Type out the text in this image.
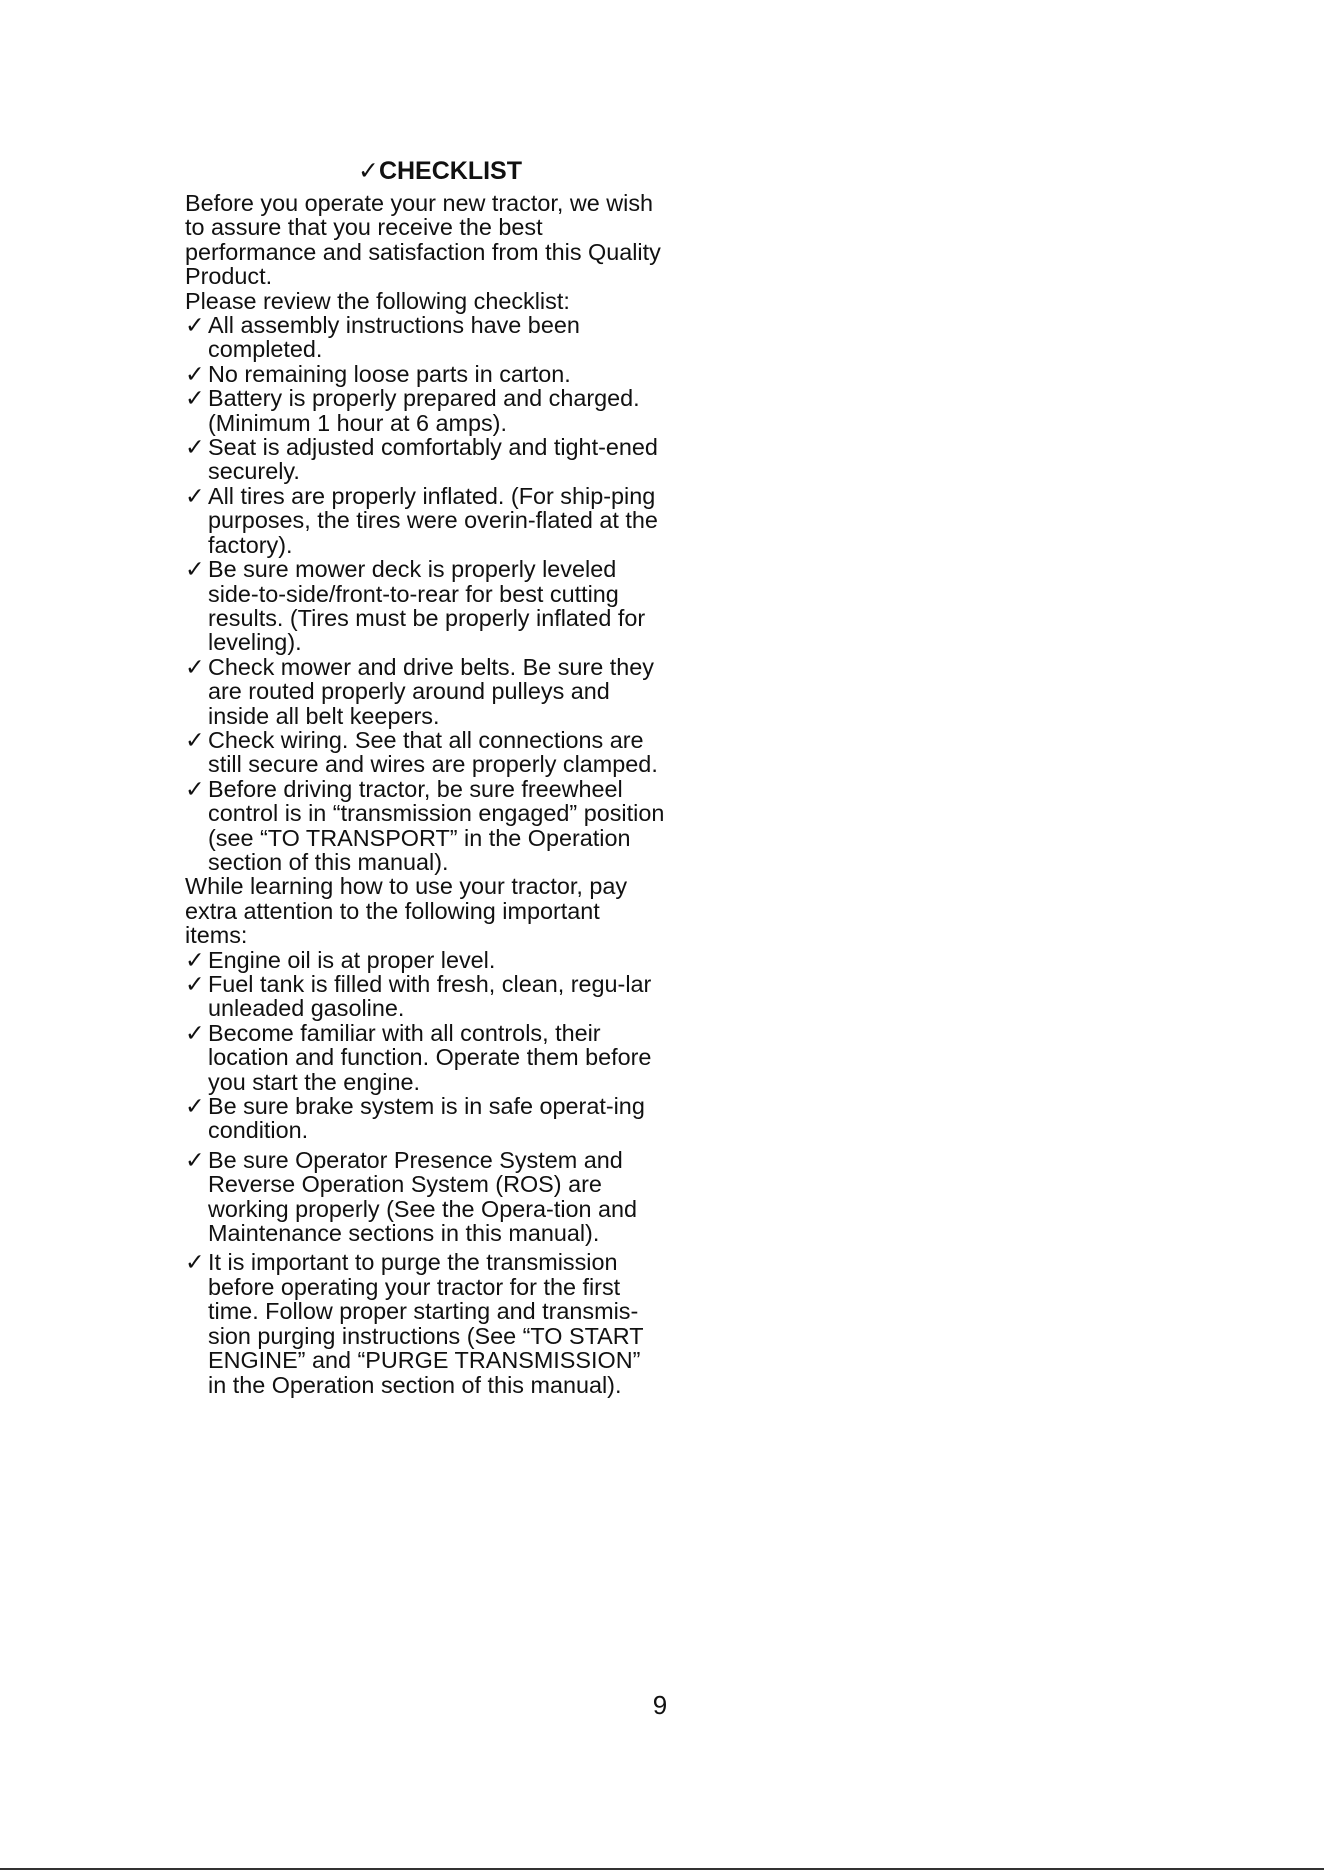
✓CHECKLIST

Before you operate your new tractor, we wish to assure that you receive the best performance and satisfaction from this Quality Product.

Please review the following checklist:

✓ All assembly instructions have been completed.
✓ No remaining loose parts in carton.
✓ Battery is properly prepared and charged. (Minimum 1 hour at 6 amps).
✓ Seat is adjusted comfortably and tight-ened securely.
✓ All tires are properly inflated. (For ship-ping purposes, the tires were overin-flated at the factory).
✓ Be sure mower deck is properly leveled side-to-side/front-to-rear for best cutting results. (Tires must be properly inflated for leveling).
✓ Check mower and drive belts. Be sure they are routed properly around pulleys and inside all belt keepers.
✓ Check wiring. See that all connections are still secure and wires are properly clamped.
✓ Before driving tractor, be sure freewheel control is in “transmission engaged” position (see “TO TRANSPORT” in the Operation section of this manual).

While learning how to use your tractor, pay extra attention to the following important items:

✓ Engine oil is at proper level.
✓ Fuel tank is filled with fresh, clean, regu-lar unleaded gasoline.
✓ Become familiar with all controls, their location and function. Operate them before you start the engine.
✓ Be sure brake system is in safe operat-ing condition.
✓ Be sure Operator Presence System and Reverse Operation System (ROS) are working properly (See the Opera-tion and Maintenance sections in this manual).
✓ It is important to purge the transmission before operating your tractor for the first time. Follow proper starting and transmis-sion purging instructions (See “TO START ENGINE” and “PURGE TRANSMISSION” in the Operation section of this manual).
9
